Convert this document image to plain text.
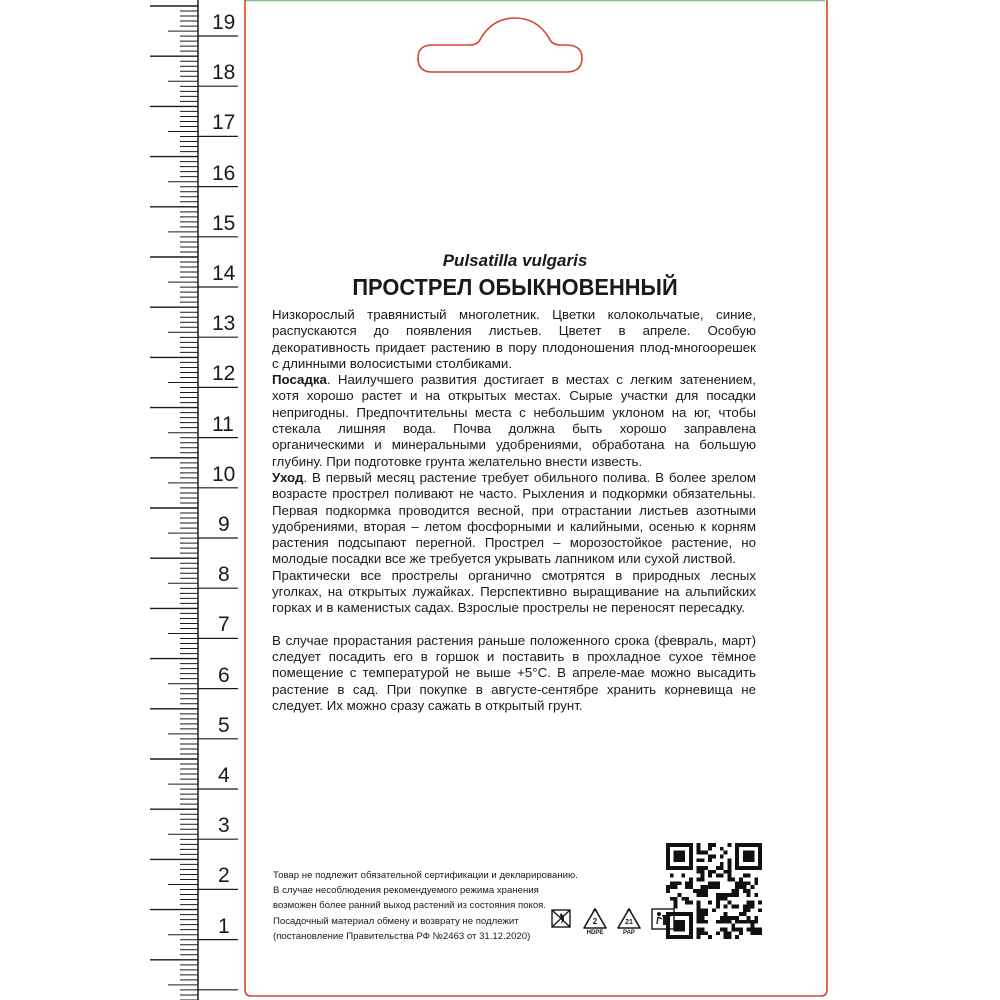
19
18
17
16
15
14
13
12
11
10
9
8
7
6
5
4
3
2
1
Pulsatilla vulgaris
ПРОСТРЕЛ ОБЫКНОВЕННЫЙ

Низкорослый травянистый многолетник. Цветки колокольчатые, синие, распускаются до появления листьев. Цветет в апреле. Особую декоративность придает растению в пору плодоношения плод-многоорешек с длинными волосистыми столбиками.

Посадка. Наилучшего развития достигает в местах с легким затенением, хотя хорошо растет и на открытых местах. Сырые участки для посадки непригодны. Предпочтительны места с небольшим уклоном на юг, чтобы стекала лишняя вода. Почва должна быть хорошо заправлена органическими и минеральными удобрениями, обработана на большую глубину. При подготовке грунта желательно внести известь.

Уход. В первый месяц растение требует обильного полива. В более зрелом возрасте прострел поливают не часто. Рыхления и подкормки обязательны. Первая подкормка проводится весной, при отрастании листьев азотными удобрениями, вторая – летом фосфорными и калийными, осенью к корням растения подсыпают перегной. Прострел – морозостойкое растение, но молодые посадки все же требуется укрывать лапником или сухой листвой.

Практически все прострелы органично смотрятся в природных лесных уголках, на открытых лужайках. Перспективно выращивание на альпийских горках и в каменистых садах. Взрослые прострелы не переносят пересадку.

В случае прорастания растения раньше положенного срока (февраль, март) следует посадить его в горшок и поставить в прохладное сухое тёмное помещение с температурой не выше +5°С. В апреле-мае можно высадить растение в сад. При покупке в августе-сентябре хранить корневища не следует. Их можно сразу сажать в открытый грунт.

Товар не подлежит обязательной сертификации и декларированию.
В случае несоблюдения рекомендуемого режима хранения
возможен более ранний выход растений из состояния покоя.
Посадочный материал обмену и возврату не подлежит
(постановление Правительства РФ №2463 от 31.12.2020)
2
HDPE
21
PAP
